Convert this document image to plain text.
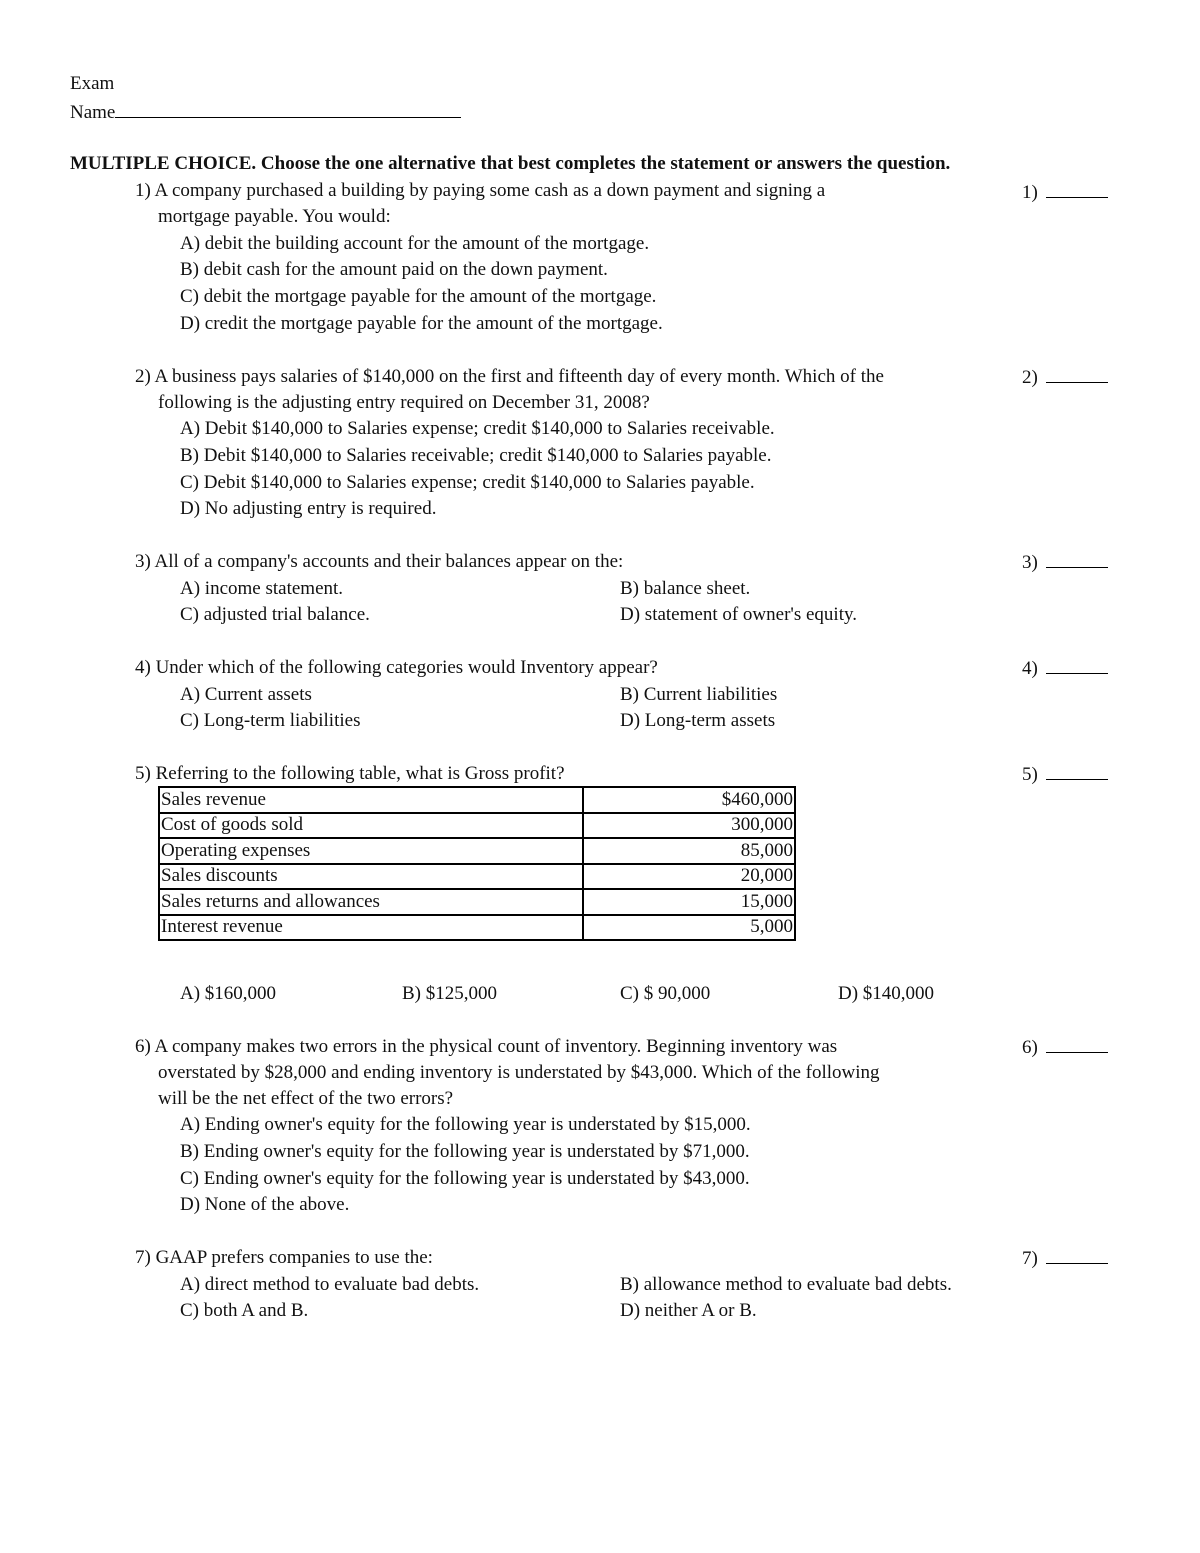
Exam
Name
MULTIPLE CHOICE. Choose the one alternative that best completes the statement or answers the question.
1) A company purchased a building by paying some cash as a down payment and signing a
mortgage payable. You would:
A) debit the building account for the amount of the mortgage.
B) debit cash for the amount paid on the down payment.
C) debit the mortgage payable for the amount of the mortgage.
D) credit the mortgage payable for the amount of the mortgage.
1)
2) A business pays salaries of $140,000 on the first and fifteenth day of every month. Which of the
following is the adjusting entry required on December 31, 2008?
A) Debit $140,000 to Salaries expense; credit $140,000 to Salaries receivable.
B) Debit $140,000 to Salaries receivable; credit $140,000 to Salaries payable.
C) Debit $140,000 to Salaries expense; credit $140,000 to Salaries payable.
D) No adjusting entry is required.
2)
3) All of a company's accounts and their balances appear on the:
A) income statement.	B) balance sheet.
C) adjusted trial balance.	D) statement of owner's equity.
3)
4) Under which of the following categories would Inventory appear?
A) Current assets	B) Current liabilities
C) Long-term liabilities	D) Long-term assets
4)
5) Referring to the following table, what is Gross profit?	5)
Sales revenue	$460,000
Cost of goods sold	300,000
Operating expenses	85,000
Sales discounts	20,000
Sales returns and allowances	15,000
Interest revenue	5,000
A) $160,000	B) $125,000	C) $ 90,000	D) $140,000
6) A company makes two errors in the physical count of inventory. Beginning inventory was
overstated by $28,000 and ending inventory is understated by $43,000. Which of the following
will be the net effect of the two errors?
A) Ending owner's equity for the following year is understated by $15,000.
B) Ending owner's equity for the following year is understated by $71,000.
C) Ending owner's equity for the following year is understated by $43,000.
D) None of the above.
6)
7) GAAP prefers companies to use the:
A) direct method to evaluate bad debts.	B) allowance method to evaluate bad debts.
C) both A and B.	D) neither A or B.
7)
